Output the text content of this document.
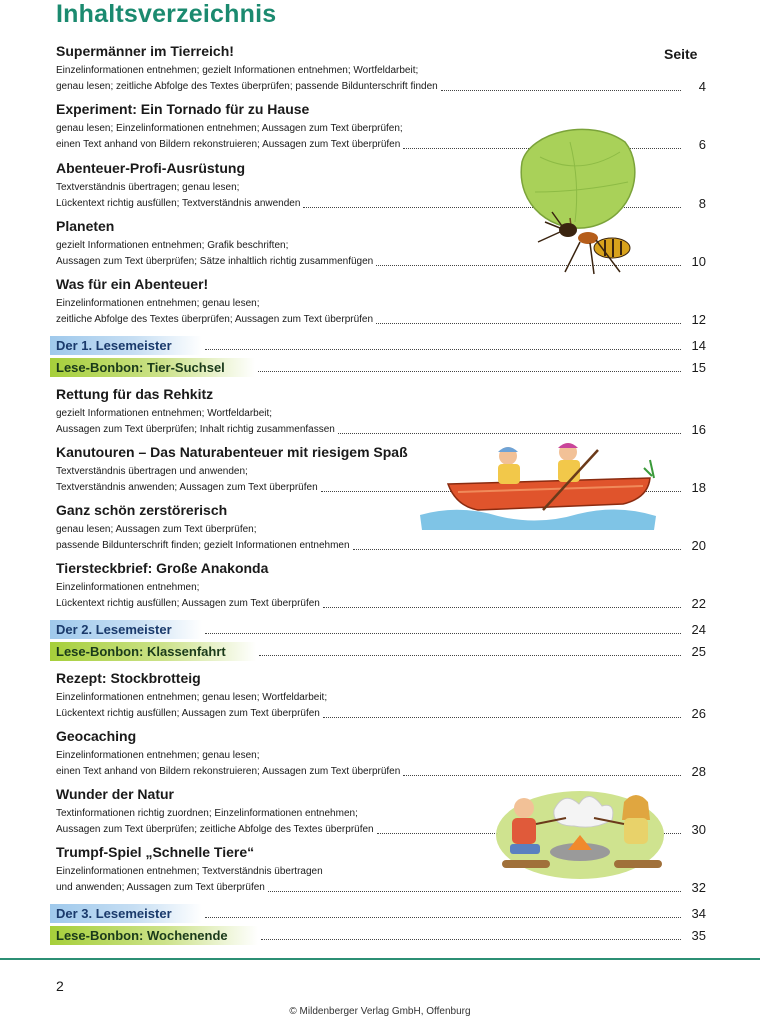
Inhaltsverzeichnis
Seite
Supermänner im Tierreich!
Einzelinformationen entnehmen; gezielt Informationen entnehmen; Wortfeldarbeit;
genau lesen; zeitliche Abfolge des Textes überprüfen; passende Bildunterschrift finden	4
Experiment: Ein Tornado für zu Hause
genau lesen; Einzelinformationen entnehmen; Aussagen zum Text überprüfen;
einen Text anhand von Bildern rekonstruieren; Aussagen zum Text überprüfen	6
Abenteuer-Profi-Ausrüstung
Textverständnis übertragen; genau lesen;
Lückentext richtig ausfüllen; Textverständnis anwenden	8
Planeten
gezielt Informationen entnehmen; Grafik beschriften;
Aussagen zum Text überprüfen; Sätze inhaltlich richtig zusammenfügen	10
Was für ein Abenteuer!
Einzelinformationen entnehmen; genau lesen;
zeitliche Abfolge des Textes überprüfen; Aussagen zum Text überprüfen	12
Der 1. Lesemeister	14
Lese-Bonbon: Tier-Suchsel	15
Rettung für das Rehkitz
gezielt Informationen entnehmen; Wortfeldarbeit;
Aussagen zum Text überprüfen; Inhalt richtig zusammenfassen	16
Kanutouren – Das Naturabenteuer mit riesigem Spaß
Textverständnis übertragen und anwenden;
Textverständnis anwenden; Aussagen zum Text überprüfen	18
Ganz schön zerstörerisch
genau lesen; Aussagen zum Text überprüfen;
passende Bildunterschrift finden; gezielt Informationen entnehmen	20
Tiersteckbrief: Große Anakonda
Einzelinformationen entnehmen;
Lückentext richtig ausfüllen; Aussagen zum Text überprüfen	22
Der 2. Lesemeister	24
Lese-Bonbon: Klassenfahrt	25
Rezept: Stockbrotteig
Einzelinformationen entnehmen; genau lesen; Wortfeldarbeit;
Lückentext richtig ausfüllen; Aussagen zum Text überprüfen	26
Geocaching
Einzelinformationen entnehmen; genau lesen;
einen Text anhand von Bildern rekonstruieren; Aussagen zum Text überprüfen	28
Wunder der Natur
Textinformationen richtig zuordnen; Einzelinformationen entnehmen;
Aussagen zum Text überprüfen; zeitliche Abfolge des Textes überprüfen	30
Trumpf-Spiel „Schnelle Tiere“
Einzelinformationen entnehmen; Textverständnis übertragen
und anwenden; Aussagen zum Text überprüfen	32
Der 3. Lesemeister	34
Lese-Bonbon: Wochenende	35
2
© Mildenberger Verlag GmbH, Offenburg
